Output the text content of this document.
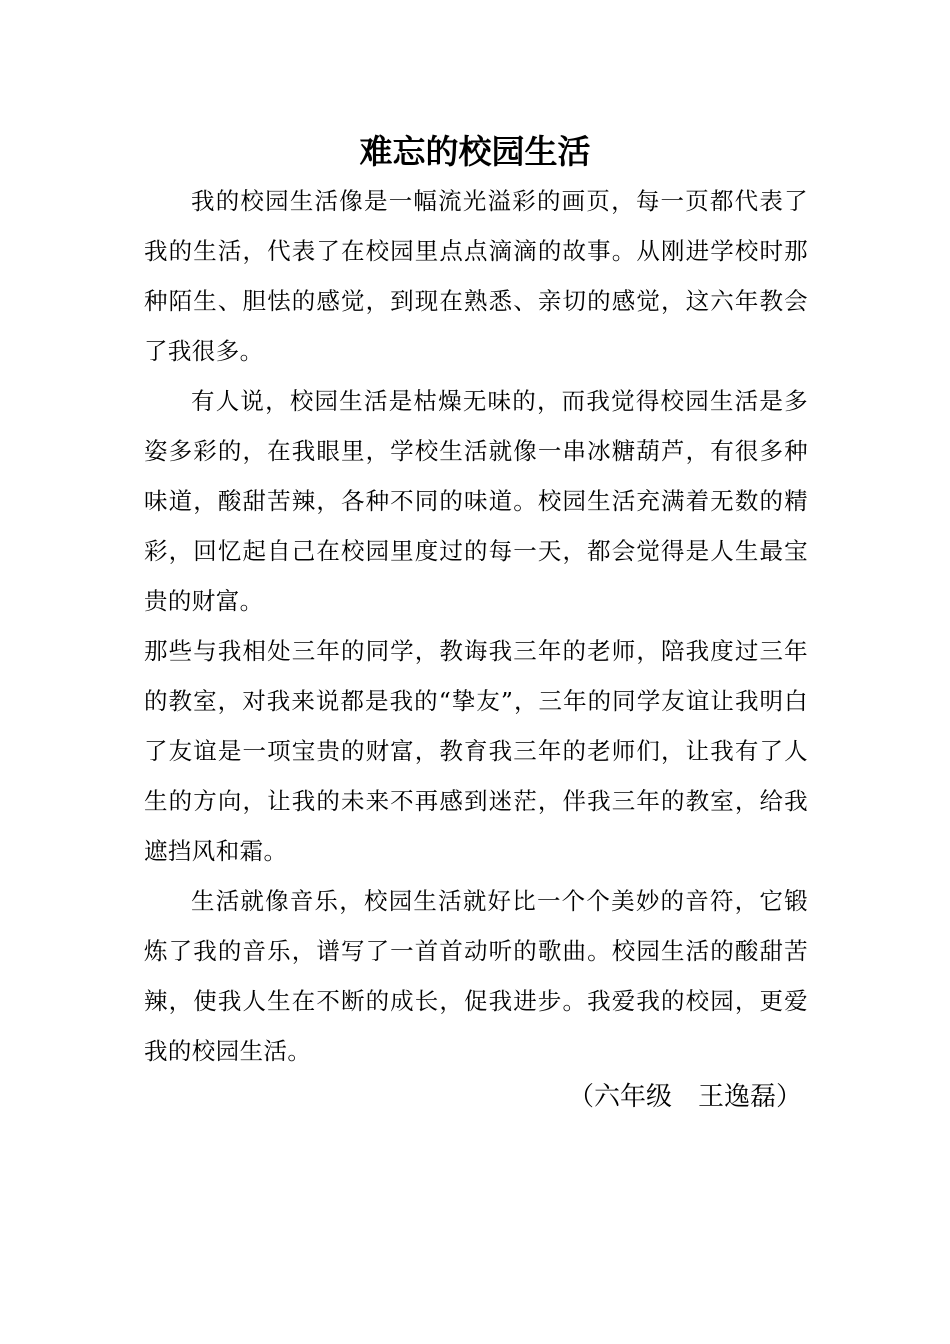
难忘的校园生活

我的校园生活像是一幅流光溢彩的画页，每一页都代表了我的生活，代表了在校园里点点滴滴的故事。从刚进学校时那种陌生、胆怯的感觉，到现在熟悉、亲切的感觉，这六年教会了我很多。

有人说，校园生活是枯燥无味的，而我觉得校园生活是多姿多彩的，在我眼里，学校生活就像一串冰糖葫芦，有很多种味道，酸甜苦辣，各种不同的味道。校园生活充满着无数的精彩，回忆起自己在校园里度过的每一天，都会觉得是人生最宝贵的财富。

那些与我相处三年的同学，教诲我三年的老师，陪我度过三年的教室，对我来说都是我的“挚友”，三年的同学友谊让我明白了友谊是一项宝贵的财富，教育我三年的老师们，让我有了人生的方向，让我的未来不再感到迷茫，伴我三年的教室，给我遮挡风和霜。

生活就像音乐，校园生活就好比一个个美妙的音符，它锻炼了我的音乐，谱写了一首首动听的歌曲。校园生活的酸甜苦辣，使我人生在不断的成长，促我进步。我爱我的校园，更爱我的校园生活。

（六年级　王逸磊）
